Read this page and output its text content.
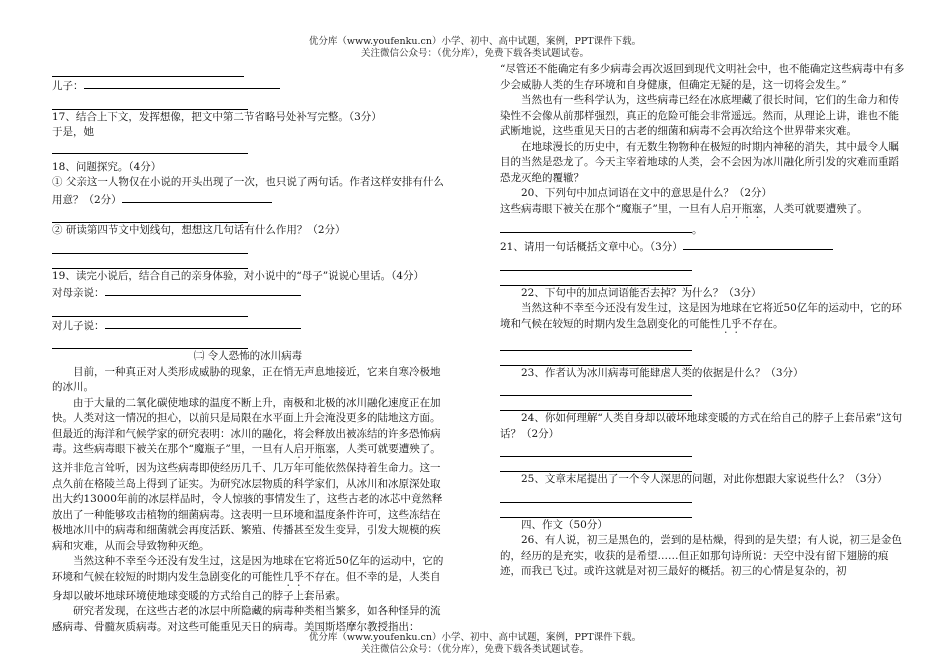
优分库（www.youfenku.cn）小学、初中、高中试题，案例，PPT课件下载。
关注微信公众号：（优分库），免费下载各类试题试卷。

儿子：

17、结合上下文，发挥想像，把文中第二节省略号处补写完整。（3分）

于是，她

18、问题探究。（4分）

① 父亲这一人物仅在小说的开头出现了一次，也只说了两句话。作者这样安排有什么用意？（2分）

② 研读第四节文中划线句，想想这几句话有什么作用？（2分）

19、读完小说后，结合自己的亲身体验，对小说中的“母子”说说心里话。（4分）

对母亲说：

对儿子说：

㈡ 令人恐怖的冰川病毒

目前，一种真正对人类形成威胁的现象，正在悄无声息地接近，它来自寒冷极地的冰川。

由于大量的二氧化碳使地球的温度不断上升，南极和北极的冰川融化速度正在加快。人类对这一情况的担心，以前只是局限在水平面上升会淹没更多的陆地这方面。但最近的海洋和气候学家的研究表明：冰川的融化，将会释放出被冻结的许多恐怖病毒。这些病毒眼下被关在那个“魔瓶子”里，一旦有人启开瓶塞，人类可就要遭殃了。这并非危言耸听，因为这些病毒即使经历几千、几万年可能依然保持着生命力。这一点久前在格陵兰岛上得到了证实。为研究冰层物质的科学家们，从冰川和冰原深处取出大约13000年前的冰层样品时，令人惊骇的事情发生了，这些古老的冰芯中竟然释放出了一种能够攻击植物的细菌病毒。这表明一旦环境和温度条件许可，这些冻结在极地冰川中的病毒和细菌就会再度活跃、繁殖、传播甚至发生变异，引发大规模的疾病和灾难，从而会导致物种灭绝。

当然这种不幸至今还没有发生过，这是因为地球在它将近50亿年的运动中，它的环境和气候在较短的时期内发生急剧变化的可能性几乎不存在。但不幸的是，人类自身却以破坏地球环境使地球变暖的方式给自己的脖子上套吊索。

研究者发现，在这些古老的冰层中所隐藏的病毒种类相当繁多，如各种怪异的流感病毒、骨髓灰质病毒。对这些可能重见天日的病毒。美国斯塔摩尔教授指出：

“尽管还不能确定有多少病毒会再次返回到现代文明社会中，也不能确定这些病毒中有多少会威胁人类的生存环境和自身健康，但确定无疑的是，这一切将会发生。”

当然也有一些科学认为，这些病毒已经在冰底埋藏了很长时间，它们的生命力和传染性不会像从前那样强烈，真正的危险可能会非常遥远。然而，从理论上讲，谁也不能武断地说，这些重见天日的古老的细菌和病毒不会再次给这个世界带来灾难。

在地球漫长的历史中，有无数生物物种在极短的时期内神秘的消失，其中最令人瞩目的当然是恐龙了。今天主宰着地球的人类，会不会因为冰川融化所引发的灾难而重蹈恐龙灭绝的覆辙？

20、下列句中加点词语在文中的意思是什么？（2分）

这些病毒眼下被关在那个“魔瓶子”里，一旦有人启开瓶塞，人类可就要遭殃了。

。

21、请用一句话概括文章中心。（3分）

22、下句中的加点词语能否去掉？为什么？（3分）

当然这种不幸至今还没有发生过，这是因为地球在它将近50亿年的运动中，它的环境和气候在较短的时期内发生急剧变化的可能性几乎不存在。

23、作者认为冰川病毒可能肆虐人类的依据是什么？（3分）

24、你如何理解“人类自身却以破坏地球变暖的方式在给自己的脖子上套吊索”这句话？（2分）

25、文章末尾提出了一个令人深思的问题，对此你想跟大家说些什么？（3分）

四、作文（50分）

26、有人说，初三是黑色的，尝到的是枯燥，得到的是失望；有人说，初三是金色的，经历的是充实，收获的是希望……但正如那句诗所说：天空中没有留下翅膀的痕迹，而我已飞过。或许这就是对初三最好的概括。初三的心情是复杂的，初

优分库（www.youfenku.cn）小学、初中、高中试题，案例，PPT课件下载。
关注微信公众号：（优分库），免费下载各类试题试卷。
